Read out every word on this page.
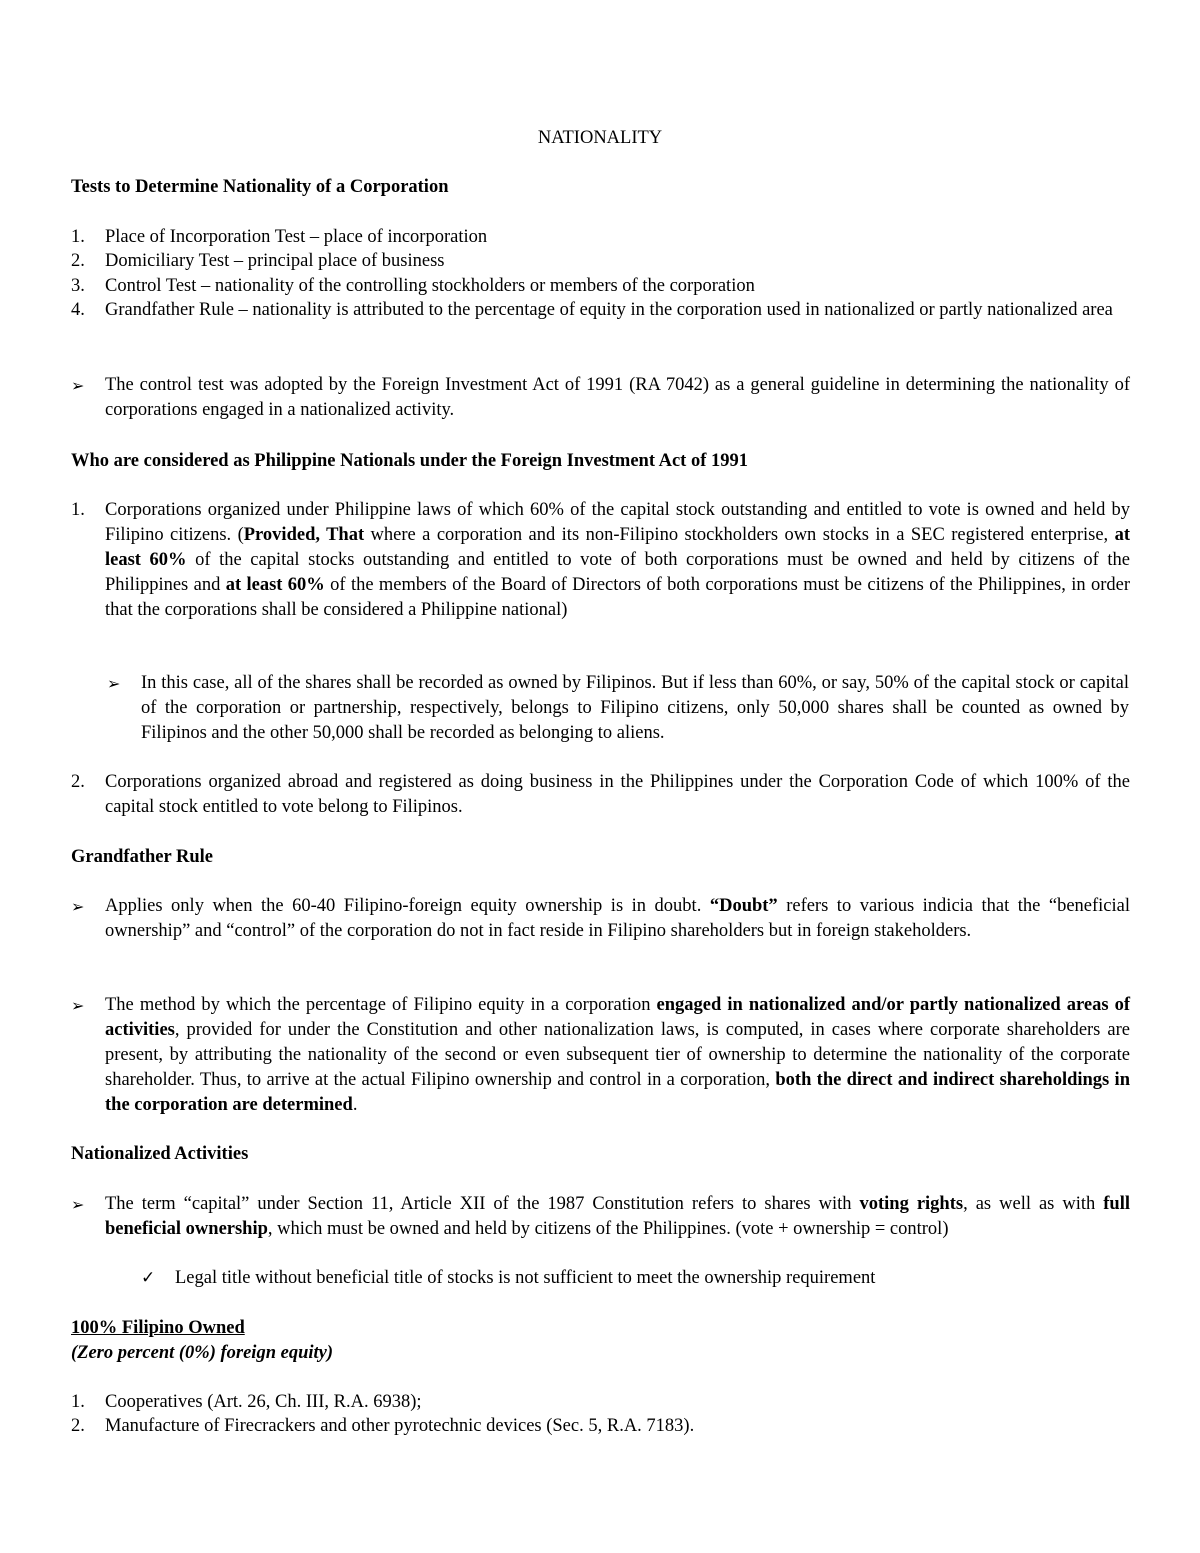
NATIONALITY
Tests to Determine Nationality of a Corporation
1.	Place of Incorporation Test – place of incorporation
2.	Domiciliary Test – principal place of business
3.	Control Test – nationality of the controlling stockholders or members of the corporation
4.	Grandfather Rule – nationality is attributed to the percentage of equity in the corporation used in nationalized or partly nationalized area
➢ The control test was adopted by the Foreign Investment Act of 1991 (RA 7042) as a general guideline in determining the nationality of corporations engaged in a nationalized activity.
Who are considered as Philippine Nationals under the Foreign Investment Act of 1991
1.	Corporations organized under Philippine laws of which 60% of the capital stock outstanding and entitled to vote is owned and held by Filipino citizens. (Provided, That where a corporation and its non-Filipino stockholders own stocks in a SEC registered enterprise, at least 60% of the capital stocks outstanding and entitled to vote of both corporations must be owned and held by citizens of the Philippines and at least 60% of the members of the Board of Directors of both corporations must be citizens of the Philippines, in order that the corporations shall be considered a Philippine national)
➢ In this case, all of the shares shall be recorded as owned by Filipinos. But if less than 60%, or say, 50% of the capital stock or capital of the corporation or partnership, respectively, belongs to Filipino citizens, only 50,000 shares shall be counted as owned by Filipinos and the other 50,000 shall be recorded as belonging to aliens.
2.	Corporations organized abroad and registered as doing business in the Philippines under the Corporation Code of which 100% of the capital stock entitled to vote belong to Filipinos.
Grandfather Rule
➢ Applies only when the 60-40 Filipino-foreign equity ownership is in doubt. “Doubt” refers to various indicia that the “beneficial ownership” and “control” of the corporation do not in fact reside in Filipino shareholders but in foreign stakeholders.
➢ The method by which the percentage of Filipino equity in a corporation engaged in nationalized and/or partly nationalized areas of activities, provided for under the Constitution and other nationalization laws, is computed, in cases where corporate shareholders are present, by attributing the nationality of the second or even subsequent tier of ownership to determine the nationality of the corporate shareholder. Thus, to arrive at the actual Filipino ownership and control in a corporation, both the direct and indirect shareholdings in the corporation are determined.
Nationalized Activities
➢ The term “capital” under Section 11, Article XII of the 1987 Constitution refers to shares with voting rights, as well as with full beneficial ownership, which must be owned and held by citizens of the Philippines. (vote + ownership = control)
✓ Legal title without beneficial title of stocks is not sufficient to meet the ownership requirement
100% Filipino Owned
(Zero percent (0%) foreign equity)
1.	Cooperatives (Art. 26, Ch. III, R.A. 6938);
2.	Manufacture of Firecrackers and other pyrotechnic devices (Sec. 5, R.A. 7183).
